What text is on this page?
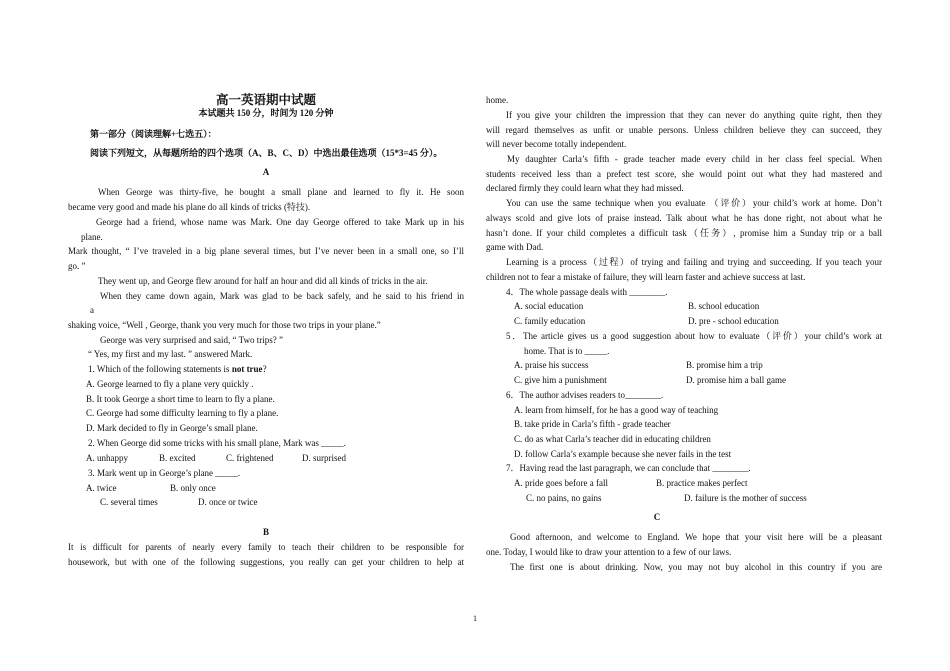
高一英语期中试题
本试题共 150 分，时间为 120 分钟
第一部分（阅读理解+七选五）：
阅读下列短文，从每题所给的四个选项（A、B、C、D）中选出最佳选项（15*3=45 分）。
A
When George was thirty-five, he bought a small plane and learned to fly it. He soon
became very good and made his plane do all kinds of tricks (特技).
George had a friend, whose name was Mark. One day George offered to take Mark up in his
plane.
Mark thought, “ I’ve traveled in a big plane several times, but I’ve never been in a small one, so I’ll
go. ”
They went up, and George flew around for half an hour and did all kinds of tricks in the air.
When they came down again, Mark was glad to be back safely, and he said to his friend in
a
shaking voice, “Well , George, thank you very much for those two trips in your plane.”
George was very surprised and said, “ Two trips? ”
“ Yes, my first and my last. ” answered Mark.
1. Which of the following statements is not true?
A. George learned to fly a plane very quickly .
B. It took George a short time to learn to fly a plane.
C. George had some difficulty learning to fly a plane.
D. Mark decided to fly in George’s small plane.
2. When George did some tricks with his small plane, Mark was _____.
A. unhappy	B. excited	C. frightened	D. surprised
3. Mark went up in George’s plane _____.
A. twice	B. only once
C. several times	D. once or twice
B
It is difficult for parents of nearly every family to teach their children to be responsible for
housework, but with one of the following suggestions, you really can get your children to help at
home.
If you give your children the impression that they can never do anything quite right, then they
will regard themselves as unfit or unable persons. Unless children believe they can succeed, they
will never become totally independent.
My daughter Carla’s fifth - grade teacher made every child in her class feel special. When
students received less than a prefect test score, she would point out what they had mastered and
declared firmly they could learn what they had missed.
You can use the same technique when you evaluate （评价）your child’s work at home. Don’t
always scold and give lots of praise instead. Talk about what he has done right, not about what he
hasn’t done. If your child completes a difficult task（任务）, promise him a Sunday trip or a ball
game with Dad.
Learning is a process（过程）of trying and failing and trying and succeeding. If you teach your
children not to fear a mistake of failure, they will learn faster and achieve success at last.
4．The whole passage deals with ________.
A. social education	B. school education
C. family education	D. pre - school education
5．The article gives us a good suggestion about how to evaluate（评价）your child’s work at
home. That is to _____.
A. praise his success	B. promise him a trip
C. give him a punishment	D. promise him a ball game
6．The author advises readers to________.
A. learn from himself, for he has a good way of teaching
B. take pride in Carla’s fifth - grade teacher
C. do as what Carla’s teacher did in educating children
D. follow Carla’s example because she never fails in the test
7．Having read the last paragraph, we can conclude that ________.
A. pride goes before a fall	B. practice makes perfect
C. no pains, no gains	D. failure is the mother of success
C
Good afternoon, and welcome to England. We hope that your visit here will be a pleasant
one. Today, I would like to draw your attention to a few of our laws.
The first one is about drinking. Now, you may not buy alcohol in this country if you are
1
